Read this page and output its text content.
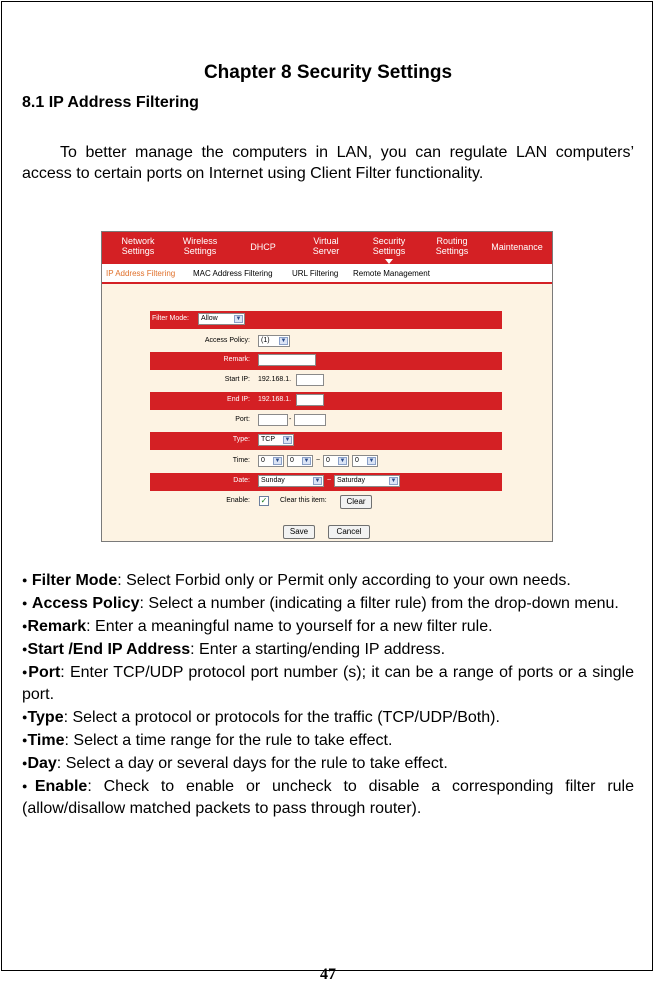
Chapter 8 Security Settings
8.1 IP Address Filtering
To better manage the computers in LAN, you can regulate LAN computers’ access to certain ports on Internet using Client Filter functionality.
Network Settings
Wireless Settings	DHCP
Virtual Server
Security Settings
Routing Settings	Maintenance
IP Address Filtering MAC Address Filtering URL Filtering Remote Management
Filter Mode:	Allow	▼
Access Policy:	(1) ▼
Remark:
Start IP: 192.168.1.
End IP: 192.168.1.
Port:	-
Type:	TCP ▼
Time:	0 ▼	0 ▼ ~ 0 ▼	0 ▼
Date:	Sunday	▼ ~ Saturday	▼
Enable: ✓ Clear this item:	Clear
Save	Cancel
● Filter Mode: Select Forbid only or Permit only according to your own needs.
● Access Policy: Select a number (indicating a filter rule) from the drop-down menu.
●Remark: Enter a meaningful name to yourself for a new filter rule.
●Start /End IP Address: Enter a starting/ending IP address.
●Port: Enter TCP/UDP protocol port number (s); it can be a range of ports or a single port.
●Type: Select a protocol or protocols for the traffic (TCP/UDP/Both).
●Time: Select a time range for the rule to take effect.
●Day: Select a day or several days for the rule to take effect.
●Enable: Check to enable or uncheck to disable a corresponding filter rule (allow/disallow matched packets to pass through router).
47
